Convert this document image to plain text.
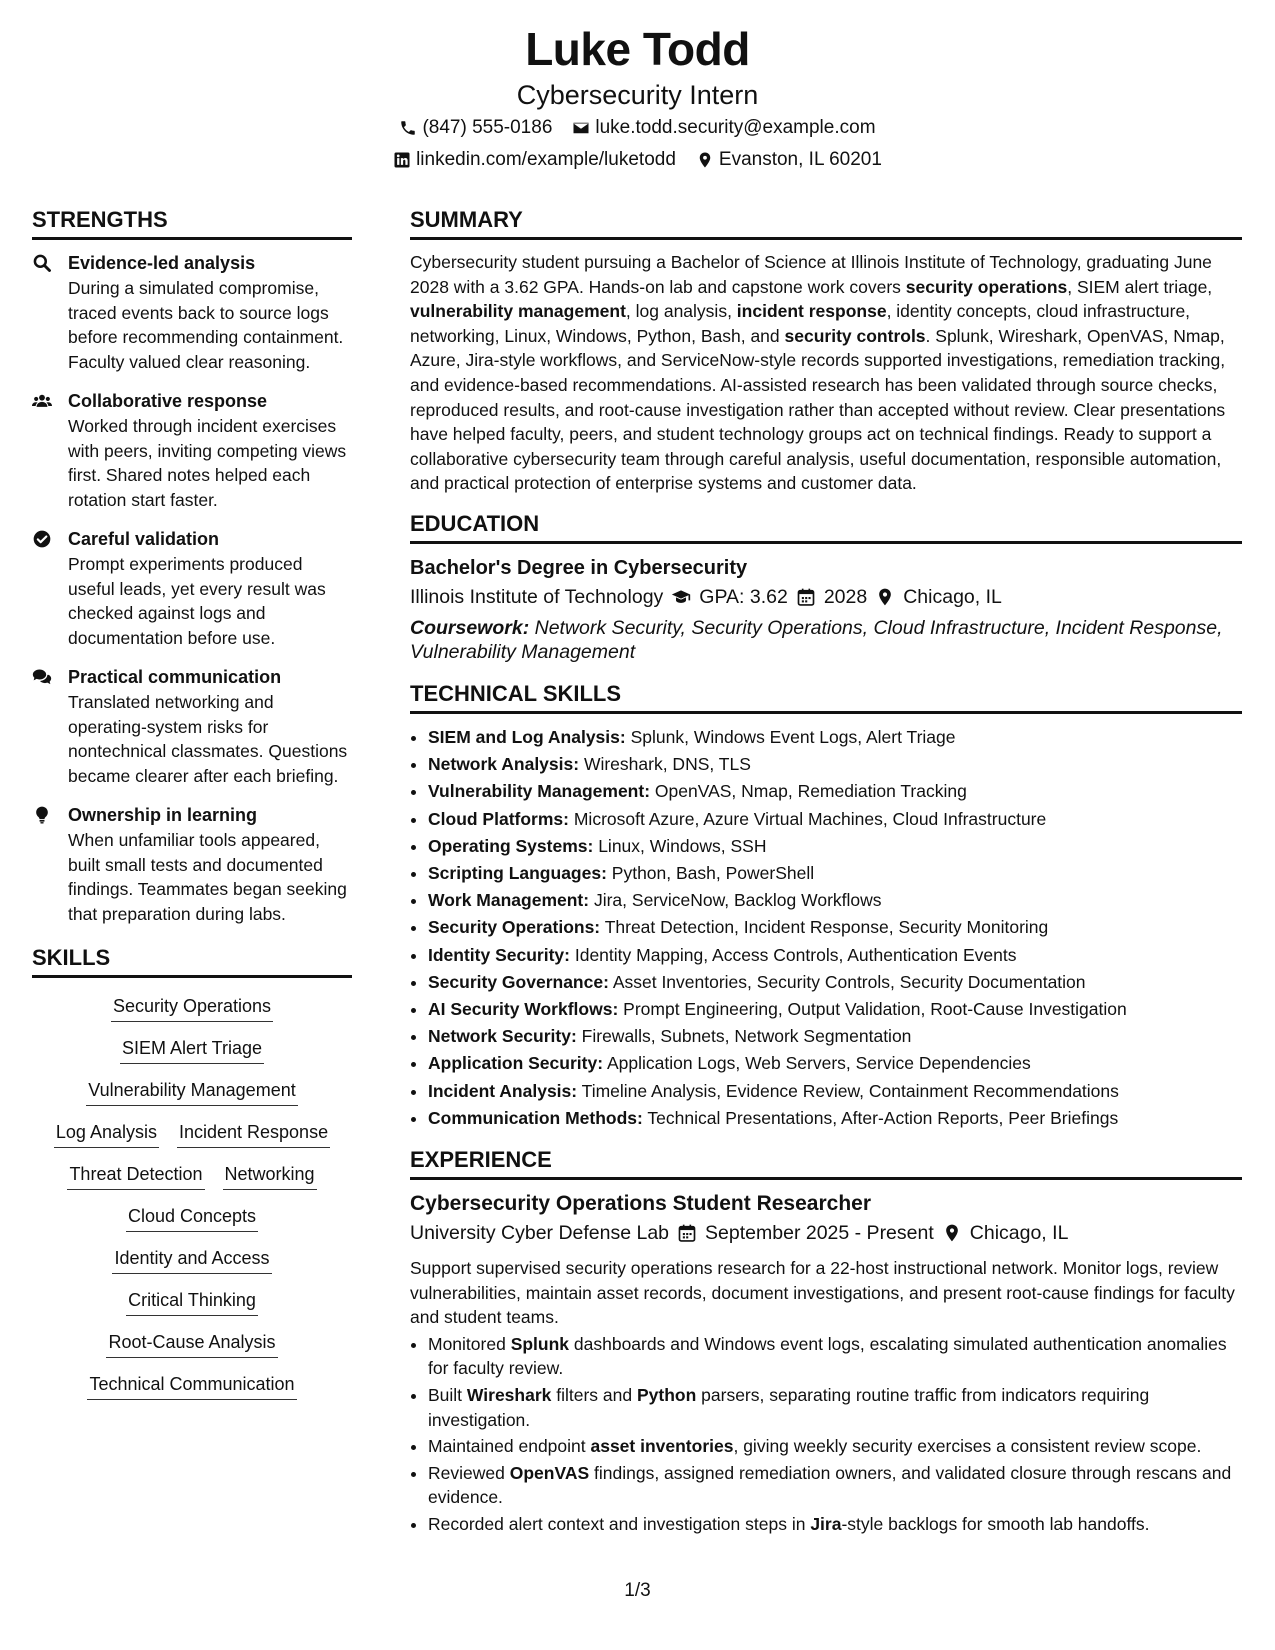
Luke Todd
Cybersecurity Intern
(847) 555-0186 luke.todd.security@example.com
linkedin.com/example/luketodd Evanston, IL 60201
STRENGTHS
Evidence-led analysis
During a simulated compromise, traced events back to source logs before recommending containment. Faculty valued clear reasoning.
Collaborative response
Worked through incident exercises with peers, inviting competing views first. Shared notes helped each rotation start faster.
Careful validation
Prompt experiments produced useful leads, yet every result was checked against logs and documentation before use.
Practical communication
Translated networking and operating-system risks for nontechnical classmates. Questions became clearer after each briefing.
Ownership in learning
When unfamiliar tools appeared, built small tests and documented findings. Teammates began seeking that preparation during labs.
SKILLS
Security Operations
SIEM Alert Triage
Vulnerability Management
Log Analysis Incident Response
Threat Detection Networking
Cloud Concepts
Identity and Access
Critical Thinking
Root-Cause Analysis
Technical Communication
SUMMARY
Cybersecurity student pursuing a Bachelor of Science at Illinois Institute of Technology, graduating June 2028 with a 3.62 GPA. Hands-on lab and capstone work covers security operations, SIEM alert triage, vulnerability management, log analysis, incident response, identity concepts, cloud infrastructure, networking, Linux, Windows, Python, Bash, and security controls. Splunk, Wireshark, OpenVAS, Nmap, Azure, Jira-style workflows, and ServiceNow-style records supported investigations, remediation tracking, and evidence-based recommendations. AI-assisted research has been validated through source checks, reproduced results, and root-cause investigation rather than accepted without review. Clear presentations have helped faculty, peers, and student technology groups act on technical findings. Ready to support a collaborative cybersecurity team through careful analysis, useful documentation, responsible automation, and practical protection of enterprise systems and customer data.
EDUCATION
Bachelor's Degree in Cybersecurity
Illinois Institute of Technology GPA: 3.62 2028 Chicago, IL
Coursework: Network Security, Security Operations, Cloud Infrastructure, Incident Response, Vulnerability Management
TECHNICAL SKILLS
• SIEM and Log Analysis: Splunk, Windows Event Logs, Alert Triage
• Network Analysis: Wireshark, DNS, TLS
• Vulnerability Management: OpenVAS, Nmap, Remediation Tracking
• Cloud Platforms: Microsoft Azure, Azure Virtual Machines, Cloud Infrastructure
• Operating Systems: Linux, Windows, SSH
• Scripting Languages: Python, Bash, PowerShell
• Work Management: Jira, ServiceNow, Backlog Workflows
• Security Operations: Threat Detection, Incident Response, Security Monitoring
• Identity Security: Identity Mapping, Access Controls, Authentication Events
• Security Governance: Asset Inventories, Security Controls, Security Documentation
• AI Security Workflows: Prompt Engineering, Output Validation, Root-Cause Investigation
• Network Security: Firewalls, Subnets, Network Segmentation
• Application Security: Application Logs, Web Servers, Service Dependencies
• Incident Analysis: Timeline Analysis, Evidence Review, Containment Recommendations
• Communication Methods: Technical Presentations, After-Action Reports, Peer Briefings
EXPERIENCE
Cybersecurity Operations Student Researcher
University Cyber Defense Lab September 2025 - Present Chicago, IL
Support supervised security operations research for a 22-host instructional network. Monitor logs, review vulnerabilities, maintain asset records, document investigations, and present root-cause findings for faculty and student teams.
• Monitored Splunk dashboards and Windows event logs, escalating simulated authentication anomalies for faculty review.
• Built Wireshark filters and Python parsers, separating routine traffic from indicators requiring investigation.
• Maintained endpoint asset inventories, giving weekly security exercises a consistent review scope.
• Reviewed OpenVAS findings, assigned remediation owners, and validated closure through rescans and evidence.
• Recorded alert context and investigation steps in Jira-style backlogs for smooth lab handoffs.
1/3
